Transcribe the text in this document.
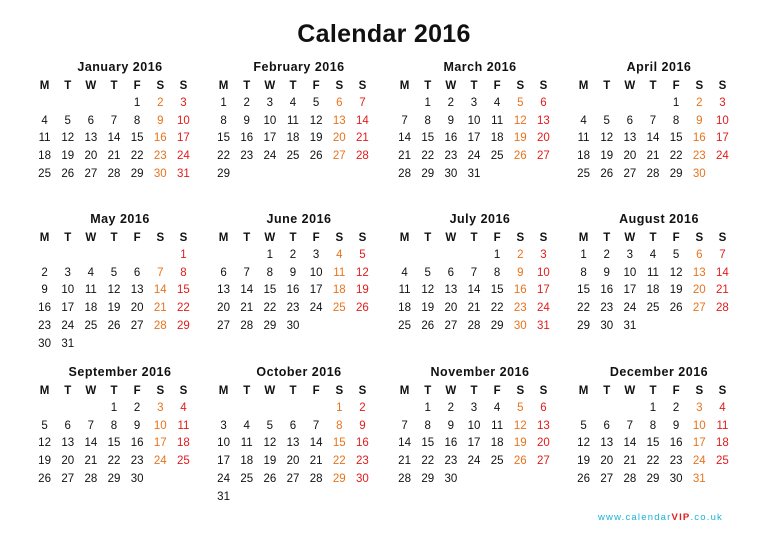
Calendar 2016
January 2016
M	T	W	T	F	S	S
				1	2	3
4	5	6	7	8	9	10
11	12	13	14	15	16	17
18	19	20	21	22	23	24
25	26	27	28	29	30	31
February 2016
M	T	W	T	F	S	S
1	2	3	4	5	6	7
8	9	10	11	12	13	14
15	16	17	18	19	20	21
22	23	24	25	26	27	28
29						
March 2016
M	T	W	T	F	S	S
	1	2	3	4	5	6
7	8	9	10	11	12	13
14	15	16	17	18	19	20
21	22	23	24	25	26	27
28	29	30	31			
April 2016
M	T	W	T	F	S	S
				1	2	3
4	5	6	7	8	9	10
11	12	13	14	15	16	17
18	19	20	21	22	23	24
25	26	27	28	29	30	
May 2016
M	T	W	T	F	S	S
						1
2	3	4	5	6	7	8
9	10	11	12	13	14	15
16	17	18	19	20	21	22
23	24	25	26	27	28	29
30	31					
June 2016
M	T	W	T	F	S	S
		1	2	3	4	5
6	7	8	9	10	11	12
13	14	15	16	17	18	19
20	21	22	23	24	25	26
27	28	29	30			
July 2016
M	T	W	T	F	S	S
				1	2	3
4	5	6	7	8	9	10
11	12	13	14	15	16	17
18	19	20	21	22	23	24
25	26	27	28	29	30	31
August 2016
M	T	W	T	F	S	S
1	2	3	4	5	6	7
8	9	10	11	12	13	14
15	16	17	18	19	20	21
22	23	24	25	26	27	28
29	30	31				
September 2016
M	T	W	T	F	S	S
			1	2	3	4
5	6	7	8	9	10	11
12	13	14	15	16	17	18
19	20	21	22	23	24	25
26	27	28	29	30		
October 2016
M	T	W	T	F	S	S
					1	2
3	4	5	6	7	8	9
10	11	12	13	14	15	16
17	18	19	20	21	22	23
24	25	26	27	28	29	30
31						
November 2016
M	T	W	T	F	S	S
	1	2	3	4	5	6
7	8	9	10	11	12	13
14	15	16	17	18	19	20
21	22	23	24	25	26	27
28	29	30				
December 2016
M	T	W	T	F	S	S
			1	2	3	4
5	6	7	8	9	10	11
12	13	14	15	16	17	18
19	20	21	22	23	24	25
26	27	28	29	30	31	
www.calendarVIP.co.uk
